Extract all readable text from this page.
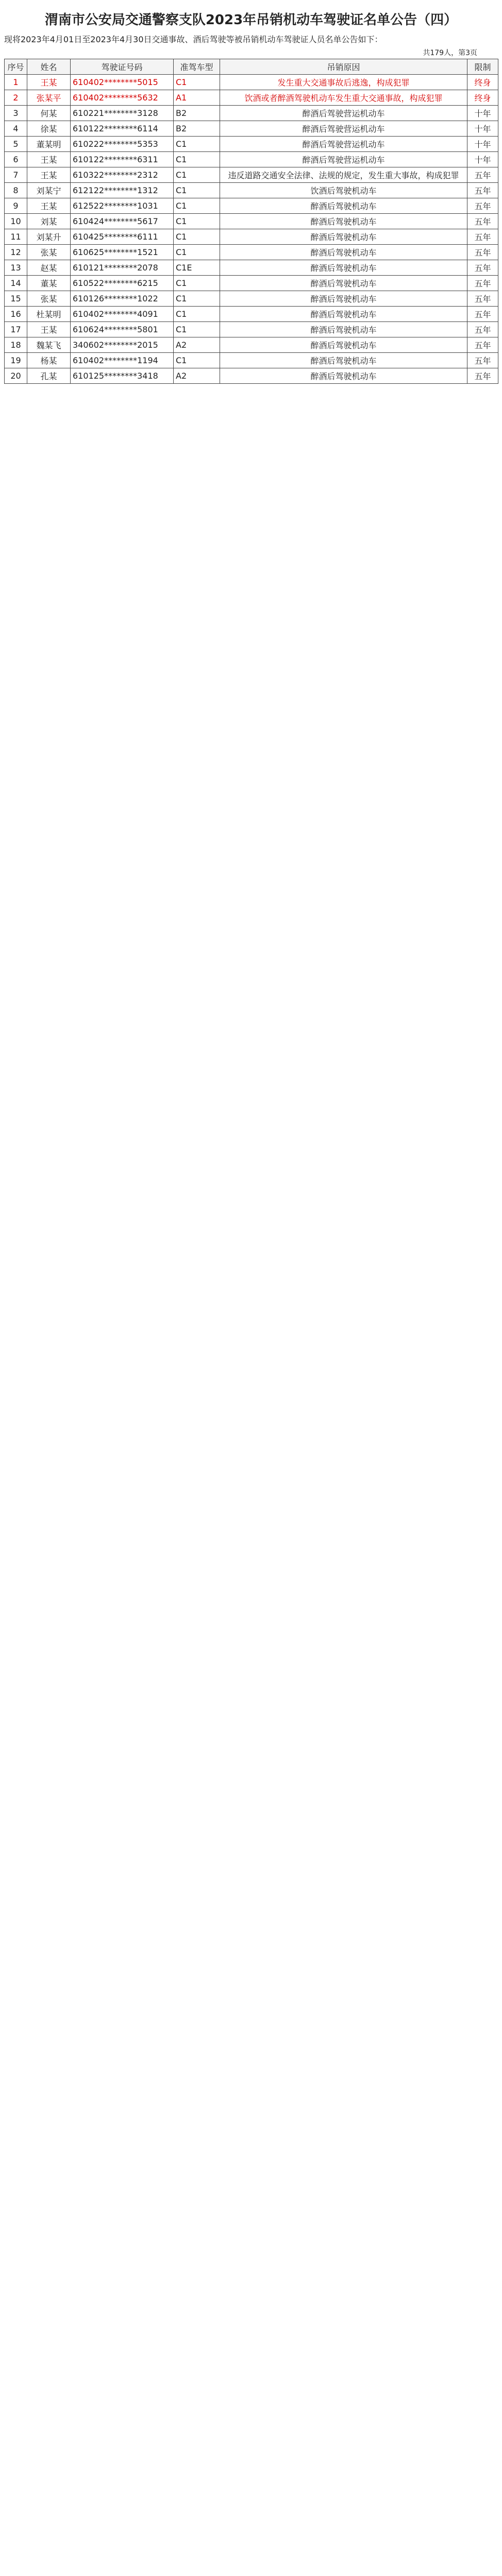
渭南市公安局交通警察支队2023年吊销机动车驾驶证名单公告（四）
现将2023年4月01日至2023年4月30日交通事故、酒后驾驶等被吊销机动车驾驶证人员名单公告如下：
共179人，第3页
序号	姓名	驾驶证号码	准驾车型	吊销原因	限制
1	王某	610402********5015	C1	发生重大交通事故后逃逸，构成犯罪	终身
2	张某平	610402********5632	A1	饮酒或者醉酒驾驶机动车发生重大交通事故，构成犯罪	终身
3	何某	610221********3128	B2	醉酒后驾驶营运机动车	十年
4	徐某	610122********6114	B2	醉酒后驾驶营运机动车	十年
5	董某明	610222********5353	C1	醉酒后驾驶营运机动车	十年
6	王某	610122********6311	C1	醉酒后驾驶营运机动车	十年
7	王某	610322********2312	C1	违反道路交通安全法律、法规的规定，发生重大事故，构成犯罪	五年
8	刘某宁	612122********1312	C1	饮酒后驾驶机动车	五年
9	王某	612522********1031	C1	醉酒后驾驶机动车	五年
10	刘某	610424********5617	C1	醉酒后驾驶机动车	五年
11	刘某升	610425********6111	C1	醉酒后驾驶机动车	五年
12	张某	610625********1521	C1	醉酒后驾驶机动车	五年
13	赵某	610121********2078	C1E	醉酒后驾驶机动车	五年
14	董某	610522********6215	C1	醉酒后驾驶机动车	五年
15	张某	610126********1022	C1	醉酒后驾驶机动车	五年
16	杜某明	610402********4091	C1	醉酒后驾驶机动车	五年
17	王某	610624********5801	C1	醉酒后驾驶机动车	五年
18	魏某飞	340602********2015	A2	醉酒后驾驶机动车	五年
19	杨某	610402********1194	C1	醉酒后驾驶机动车	五年
20	孔某	610125********3418	A2	醉酒后驾驶机动车	五年
